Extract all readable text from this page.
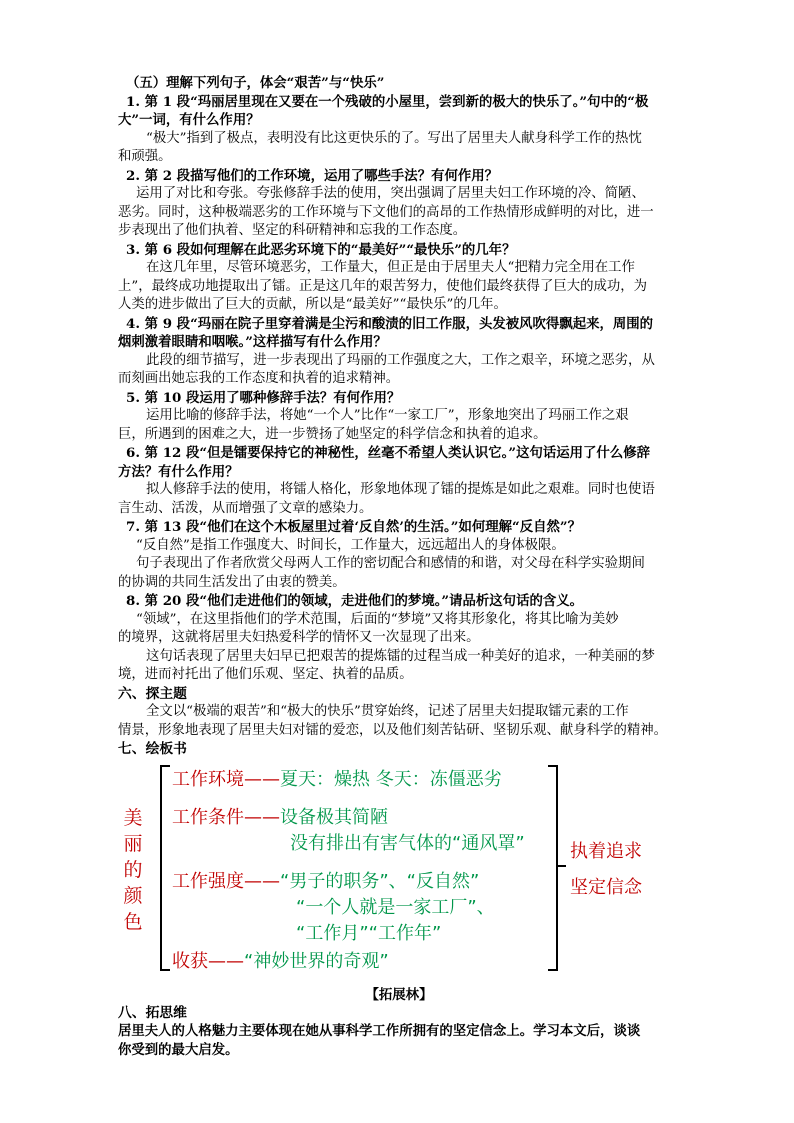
（五）理解下列句子，体会“艰苦”与“快乐”
1. 第 1 段“玛丽居里现在又要在一个残破的小屋里，尝到新的极大的快乐了。”句中的“极
大”一词，有什么作用？
“极大”指到了极点，表明没有比这更快乐的了。写出了居里夫人献身科学工作的热忱
和顽强。
2. 第 2 段描写他们的工作环境，运用了哪些手法？有何作用？
运用了对比和夸张。夸张修辞手法的使用，突出强调了居里夫妇工作环境的冷、简陋、
恶劣。同时，这种极端恶劣的工作环境与下文他们的高昂的工作热情形成鲜明的对比，进一
步表现出了他们执着、坚定的科研精神和忘我的工作态度。
3. 第 6 段如何理解在此恶劣环境下的“最美好”“最快乐”的几年？
在这几年里，尽管环境恶劣，工作量大，但正是由于居里夫人“把精力完全用在工作
上”，最终成功地提取出了镭。正是这几年的艰苦努力，使他们最终获得了巨大的成功，为
人类的进步做出了巨大的贡献，所以是“最美好”“最快乐”的几年。
4. 第 9 段“玛丽在院子里穿着满是尘污和酸渍的旧工作服，头发被风吹得飘起来，周围的
烟刺激着眼睛和咽喉。”这样描写有什么作用？
此段的细节描写，进一步表现出了玛丽的工作强度之大，工作之艰辛，环境之恶劣，从
而刻画出她忘我的工作态度和执着的追求精神。
5. 第 10 段运用了哪种修辞手法？有何作用？
运用比喻的修辞手法，将她“一个人”比作“一家工厂”，形象地突出了玛丽工作之艰
巨，所遇到的困难之大，进一步赞扬了她坚定的科学信念和执着的追求。
6. 第 12 段“但是镭要保持它的神秘性，丝毫不希望人类认识它。”这句话运用了什么修辞
方法？有什么作用？
拟人修辞手法的使用，将镭人格化，形象地体现了镭的提炼是如此之艰难。同时也使语
言生动、活泼，从而增强了文章的感染力。
7. 第 13 段“他们在这个木板屋里过着‘反自然’的生活。”如何理解“反自然”？
“反自然”是指工作强度大、时间长，工作量大，远远超出人的身体极限。
句子表现出了作者欣赏父母两人工作的密切配合和感情的和谐，对父母在科学实验期间
的协调的共同生活发出了由衷的赞美。
8. 第 20 段“他们走进他们的领域，走进他们的梦境。”请品析这句话的含义。
“领域”，在这里指他们的学术范围，后面的“梦境”又将其形象化，将其比喻为美妙
的境界，这就将居里夫妇热爱科学的情怀又一次显现了出来。
这句话表现了居里夫妇早已把艰苦的提炼镭的过程当成一种美好的追求，一种美丽的梦
境，进而衬托出了他们乐观、坚定、执着的品质。
六、探主题
全文以“极端的艰苦”和“极大的快乐”贯穿始终，记述了居里夫妇提取镭元素的工作
情景，形象地表现了居里夫妇对镭的爱恋，以及他们刻苦钻研、坚韧乐观、献身科学的精神。
七、绘板书
美
丽
的
颜
色
工作环境——夏天：燥热 冬天：冻僵恶劣
工作条件——设备极其简陋
没有排出有害气体的“通风罩”
工作强度——“男子的职务”、“反自然”
“一个人就是一家工厂”、
“工作月”“工作年”
收获——“神妙世界的奇观”
执着追求
坚定信念
【拓展林】
八、拓思维
居里夫人的人格魅力主要体现在她从事科学工作所拥有的坚定信念上。学习本文后，谈谈
你受到的最大启发。
